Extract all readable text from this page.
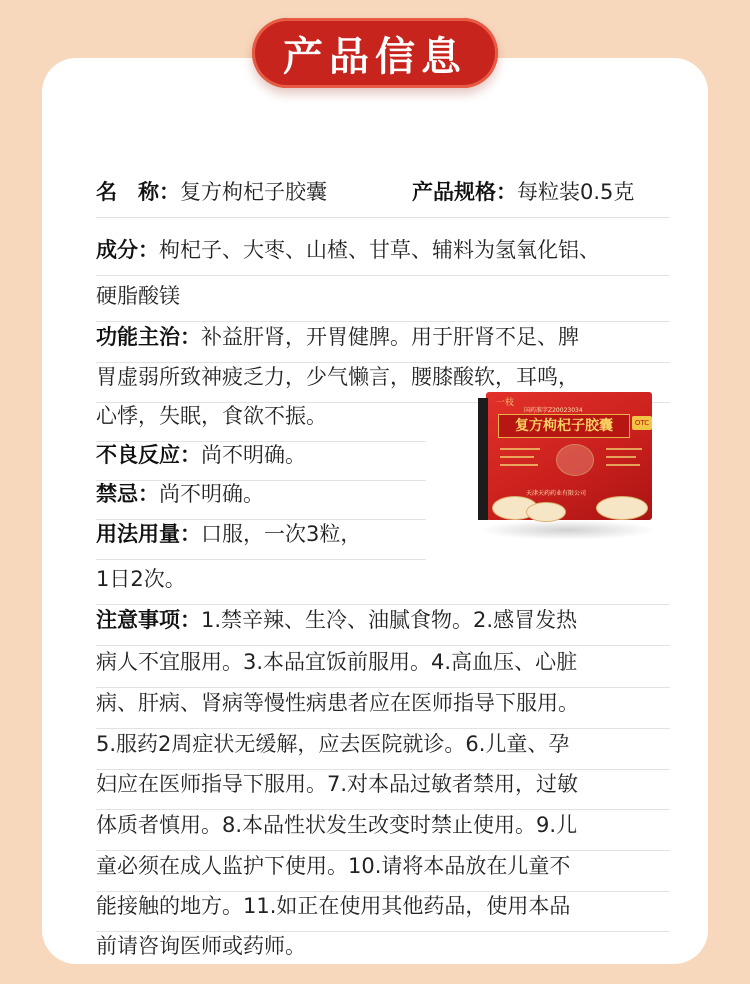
产品信息
名　称：复方枸杞子胶囊	产品规格：每粒装0.5克
成分：枸杞子、大枣、山楂、甘草、辅料为氢氧化铝、
硬脂酸镁
功能主治：补益肝肾，开胃健脾。用于肝肾不足、脾
胃虚弱所致神疲乏力，少气懒言，腰膝酸软，耳鸣，
心悸，失眠，食欲不振。
不良反应：尚不明确。
禁忌：尚不明确。
用法用量：口服，一次3粒，
1日2次。
注意事项：1.禁辛辣、生冷、油腻食物。2.感冒发热
病人不宜服用。3.本品宜饭前服用。4.高血压、心脏
病、肝病、肾病等慢性病患者应在医师指导下服用。
5.服药2周症状无缓解，应去医院就诊。6.儿童、孕
妇应在医师指导下服用。7.对本品过敏者禁用，过敏
体质者慎用。8.本品性状发生改变时禁止使用。9.儿
童必须在成人监护下使用。10.请将本品放在儿童不
能接触的地方。11.如正在使用其他药品，使用本品
前请咨询医师或药师。
一枝
国药准字Z20023034
复方枸杞子胶囊	OTC
天津天药药业有限公司
